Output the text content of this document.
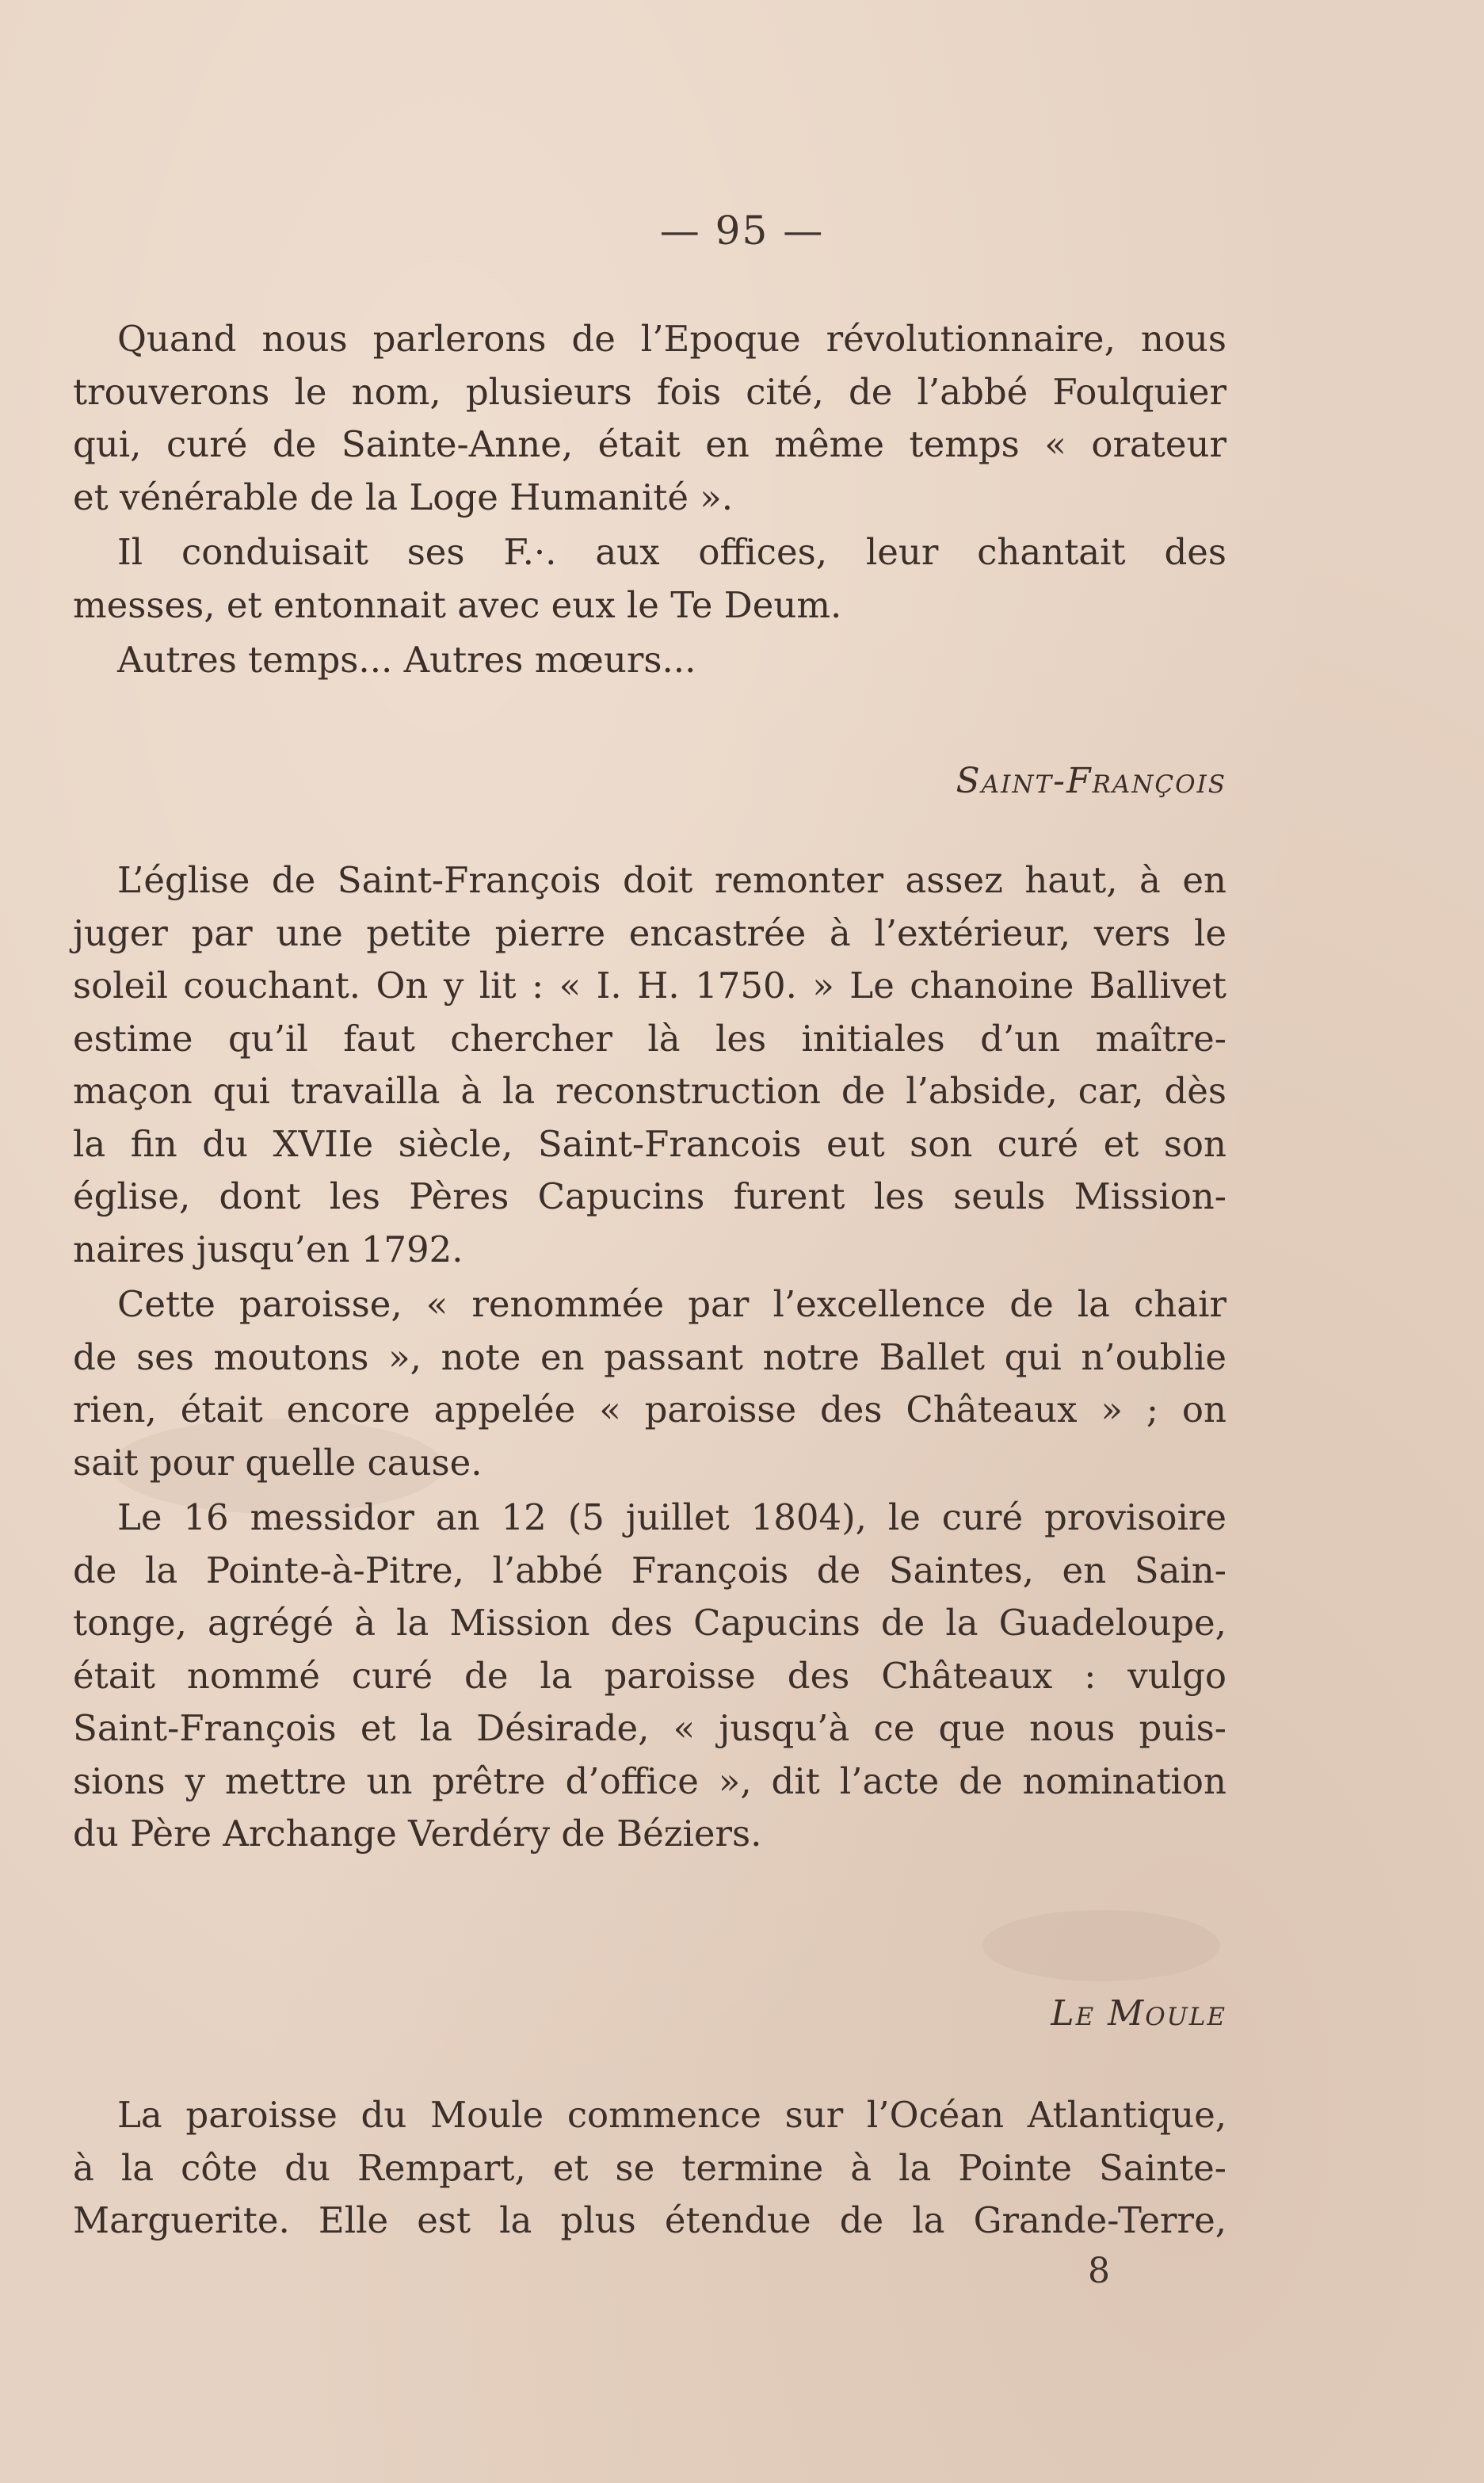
— 95 —

Quand nous parlerons de l’Epoque révolutionnaire, nous
trouverons le nom, plusieurs fois cité, de l’abbé Foulquier
qui, curé de Sainte-Anne, était en même temps « orateur
et vénérable de la Loge Humanité ».

Il conduisait ses F.·. aux offices, leur chantait des
messes, et entonnait avec eux le Te Deum.

Autres temps... Autres mœurs...

Saint-François

L’église de Saint-François doit remonter assez haut, à en
juger par une petite pierre encastrée à l’extérieur, vers le
soleil couchant. On y lit : « I. H. 1750. » Le chanoine Ballivet
estime qu’il faut chercher là les initiales d’un maître-
maçon qui travailla à la reconstruction de l’abside, car, dès
la fin du XVIIe siècle, Saint-Francois eut son curé et son
église, dont les Pères Capucins furent les seuls Mission-
naires jusqu’en 1792.

Cette paroisse, « renommée par l’excellence de la chair
de ses moutons », note en passant notre Ballet qui n’oublie
rien, était encore appelée « paroisse des Châteaux » ; on
sait pour quelle cause.

Le 16 messidor an 12 (5 juillet 1804), le curé provisoire
de la Pointe-à-Pitre, l’abbé François de Saintes, en Sain-
tonge, agrégé à la Mission des Capucins de la Guadeloupe,
était nommé curé de la paroisse des Châteaux : vulgo
Saint-François et la Désirade, « jusqu’à ce que nous puis-
sions y mettre un prêtre d’office », dit l’acte de nomination
du Père Archange Verdéry de Béziers.

Le Moule

La paroisse du Moule commence sur l’Océan Atlantique,
à la côte du Rempart, et se termine à la Pointe Sainte-
Marguerite. Elle est la plus étendue de la Grande-Terre,

8
